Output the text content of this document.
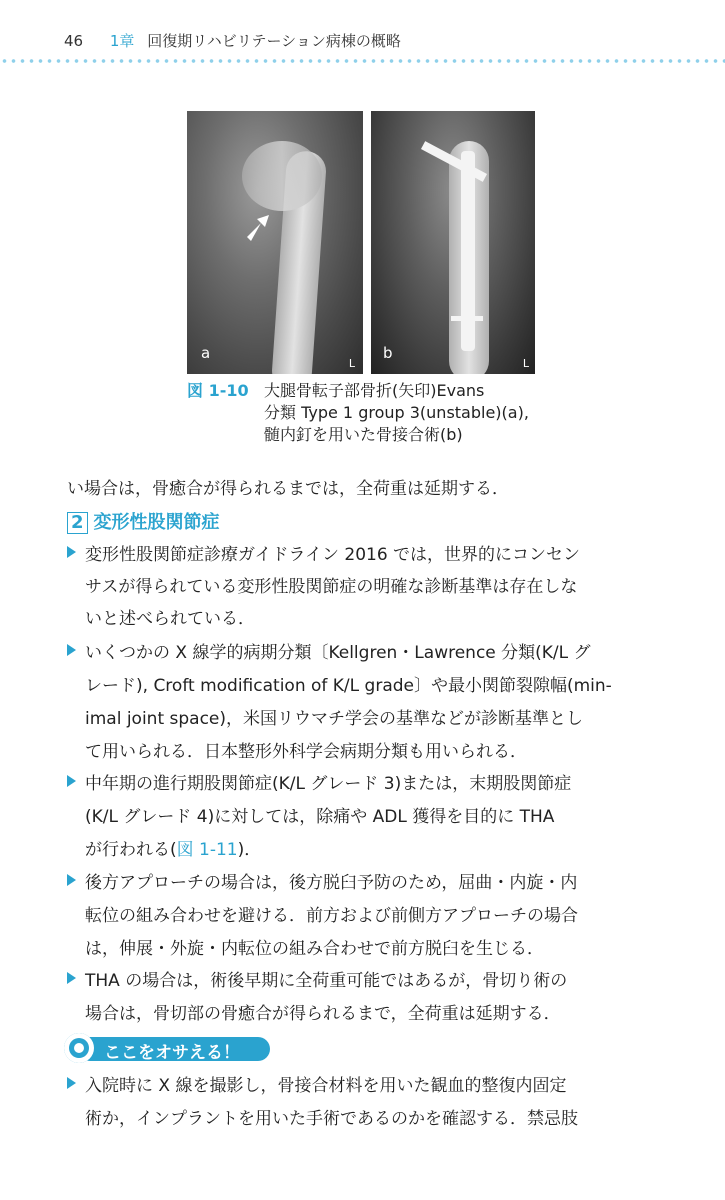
46 1章 回復期リハビリテーション病棟の概略
a
L
b
L
図 1-10 大腿骨転子部骨折(矢印)Evans
分類 Type 1 group 3(unstable)(a),
髄内釘を用いた骨接合術(b)
い場合は，骨癒合が得られるまでは，全荷重は延期する．
2 変形性股関節症
変形性股関節症診療ガイドライン 2016 では，世界的にコンセン
サスが得られている変形性股関節症の明確な診断基準は存在しな
いと述べられている．
いくつかの X 線学的病期分類〔Kellgren・Lawrence 分類(K/L グ
レード), Croft modification of K/L grade〕や最小関節裂隙幅(min-
imal joint space)，米国リウマチ学会の基準などが診断基準とし
て用いられる．日本整形外科学会病期分類も用いられる．
中年期の進行期股関節症(K/L グレード 3)または，末期股関節症
(K/L グレード 4)に対しては，除痛や ADL 獲得を目的に THA
が行われる(図 1-11)．
後方アプローチの場合は，後方脱臼予防のため，屈曲・内旋・内
転位の組み合わせを避ける．前方および前側方アプローチの場合
は，伸展・外旋・内転位の組み合わせで前方脱臼を生じる．
THA の場合は，術後早期に全荷重可能ではあるが，骨切り術の
場合は，骨切部の骨癒合が得られるまで，全荷重は延期する．
ここをオサえる！
入院時に X 線を撮影し，骨接合材料を用いた観血的整復内固定
術か，インプラントを用いた手術であるのかを確認する．禁忌肢
